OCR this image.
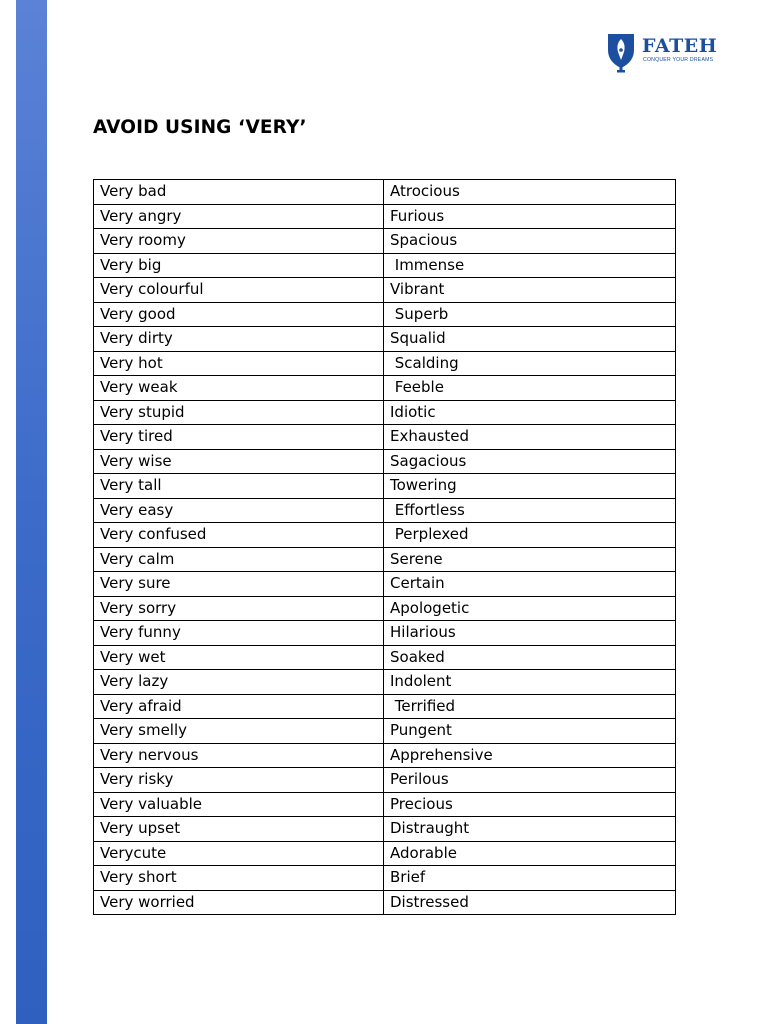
FATEH
CONQUER YOUR DREAMS
AVOID USING ‘VERY’
Very bad	Atrocious
Very angry	Furious
Very roomy	Spacious
Very big	Immense
Very colourful	Vibrant
Very good	Superb
Very dirty	Squalid
Very hot	Scalding
Very weak	Feeble
Very stupid	Idiotic
Very tired	Exhausted
Very wise	Sagacious
Very tall	Towering
Very easy	Effortless
Very confused	Perplexed
Very calm	Serene
Very sure	Certain
Very sorry	Apologetic
Very funny	Hilarious
Very wet	Soaked
Very lazy	Indolent
Very afraid	Terrified
Very smelly	Pungent
Very nervous	Apprehensive
Very risky	Perilous
Very valuable	Precious
Very upset	Distraught
Verycute	Adorable
Very short	Brief
Very worried	Distressed
